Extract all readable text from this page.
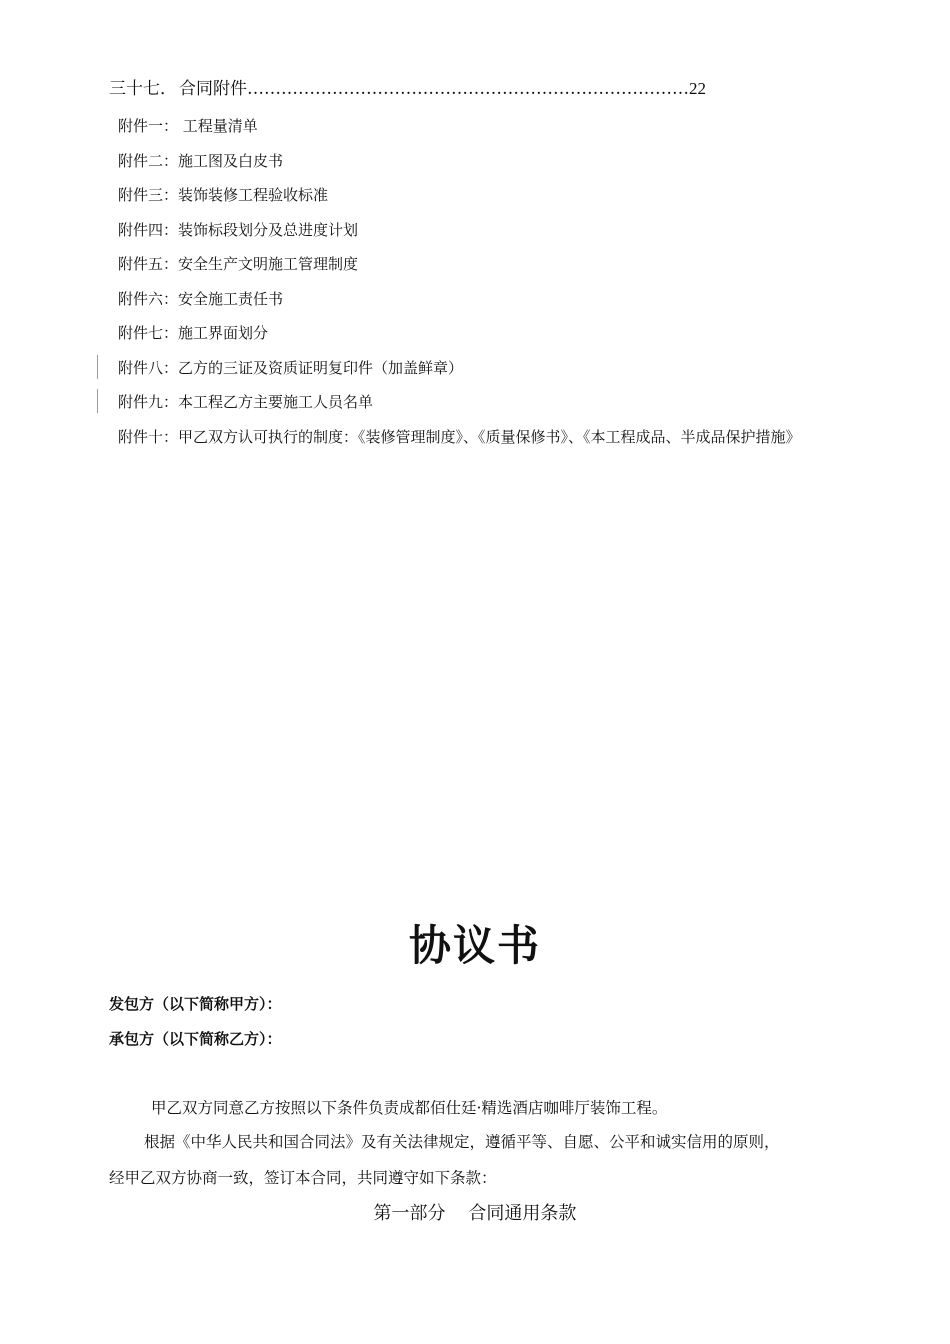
三十七． 合同附件……………………………………………………………………22
附件一： 工程量清单
附件二：施工图及白皮书
附件三：装饰装修工程验收标准
附件四：装饰标段划分及总进度计划
附件五：安全生产文明施工管理制度
附件六：安全施工责任书
附件七：施工界面划分
附件八：乙方的三证及资质证明复印件（加盖鲜章）
附件九：本工程乙方主要施工人员名单
附件十：甲乙双方认可执行的制度：《装修管理制度》、《质量保修书》、《本工程成品、半成品保护措施》
协议书
发包方（以下简称甲方）：
承包方（以下简称乙方）：
甲乙双方同意乙方按照以下条件负责成都佰仕廷·精选酒店咖啡厅装饰工程。
根据《中华人民共和国合同法》及有关法律规定，遵循平等、自愿、公平和诚实信用的原则，
经甲乙双方协商一致，签订本合同，共同遵守如下条款：
第一部分    合同通用条款
